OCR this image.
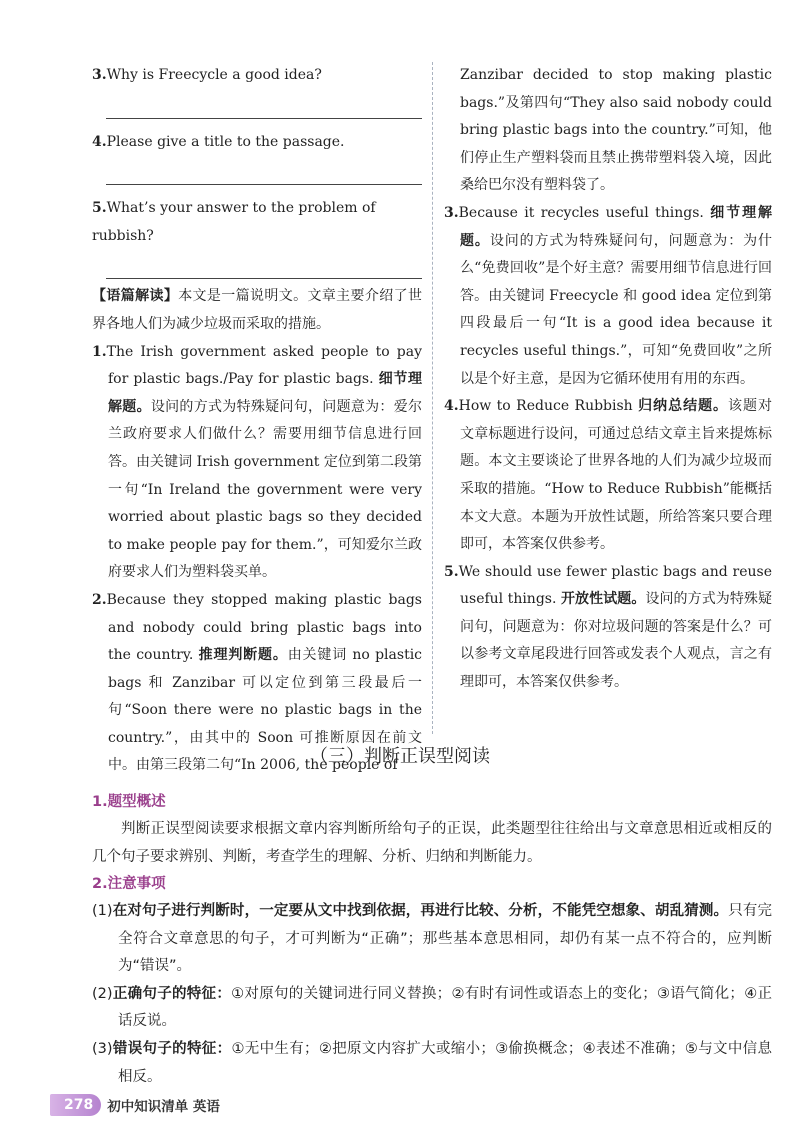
3.Why is Freecycle a good idea?

4.Please give a title to the passage.

5.What’s your answer to the problem of rubbish?

【语篇解读】本文是一篇说明文。文章主要介绍了世界各地人们为减少垃圾而采取的措施。

1.The Irish government asked people to pay for plastic bags./Pay for plastic bags. 细节理解题。设问的方式为特殊疑问句，问题意为：爱尔兰政府要求人们做什么？需要用细节信息进行回答。由关键词 Irish government 定位到第二段第一句“In Ireland the government were very worried about plastic bags so they decided to make people pay for them.”，可知爱尔兰政府要求人们为塑料袋买单。

2.Because they stopped making plastic bags and nobody could bring plastic bags into the country. 推理判断题。由关键词 no plastic bags 和 Zanzibar 可以定位到第三段最后一句“Soon there were no plastic bags in the country.”，由其中的 Soon 可推断原因在前文中。由第三段第二句“In 2006, the people of

Zanzibar decided to stop making plastic bags.”及第四句“They also said nobody could bring plastic bags into the country.”可知，他们停止生产塑料袋而且禁止携带塑料袋入境，因此桑给巴尔没有塑料袋了。

3.Because it recycles useful things. 细节理解题。设问的方式为特殊疑问句，问题意为：为什么“免费回收”是个好主意？需要用细节信息进行回答。由关键词 Freecycle 和 good idea 定位到第四段最后一句“It is a good idea because it recycles useful things.”，可知“免费回收”之所以是个好主意，是因为它循环使用有用的东西。

4.How to Reduce Rubbish 归纳总结题。该题对文章标题进行设问，可通过总结文章主旨来提炼标题。本文主要谈论了世界各地的人们为减少垃圾而采取的措施。“How to Reduce Rubbish”能概括本文大意。本题为开放性试题，所给答案只要合理即可，本答案仅供参考。

5.We should use fewer plastic bags and reuse useful things. 开放性试题。设问的方式为特殊疑问句，问题意为：你对垃圾问题的答案是什么？可以参考文章尾段进行回答或发表个人观点，言之有理即可，本答案仅供参考。

（三）判断正误型阅读
1.题型概述

判断正误型阅读要求根据文章内容判断所给句子的正误，此类题型往往给出与文章意思相近或相反的几个句子要求辨别、判断，考查学生的理解、分析、归纳和判断能力。

2.注意事项

(1)在对句子进行判断时，一定要从文中找到依据，再进行比较、分析，不能凭空想象、胡乱猜测。只有完全符合文章意思的句子，才可判断为“正确”；那些基本意思相同，却仍有某一点不符合的，应判断为“错误”。

(2)正确句子的特征：①对原句的关键词进行同义替换；②有时有词性或语态上的变化；③语气简化；④正话反说。

(3)错误句子的特征：①无中生有；②把原文内容扩大或缩小；③偷换概念；④表述不准确；⑤与文中信息相反。

278	初中知识清单 英语
